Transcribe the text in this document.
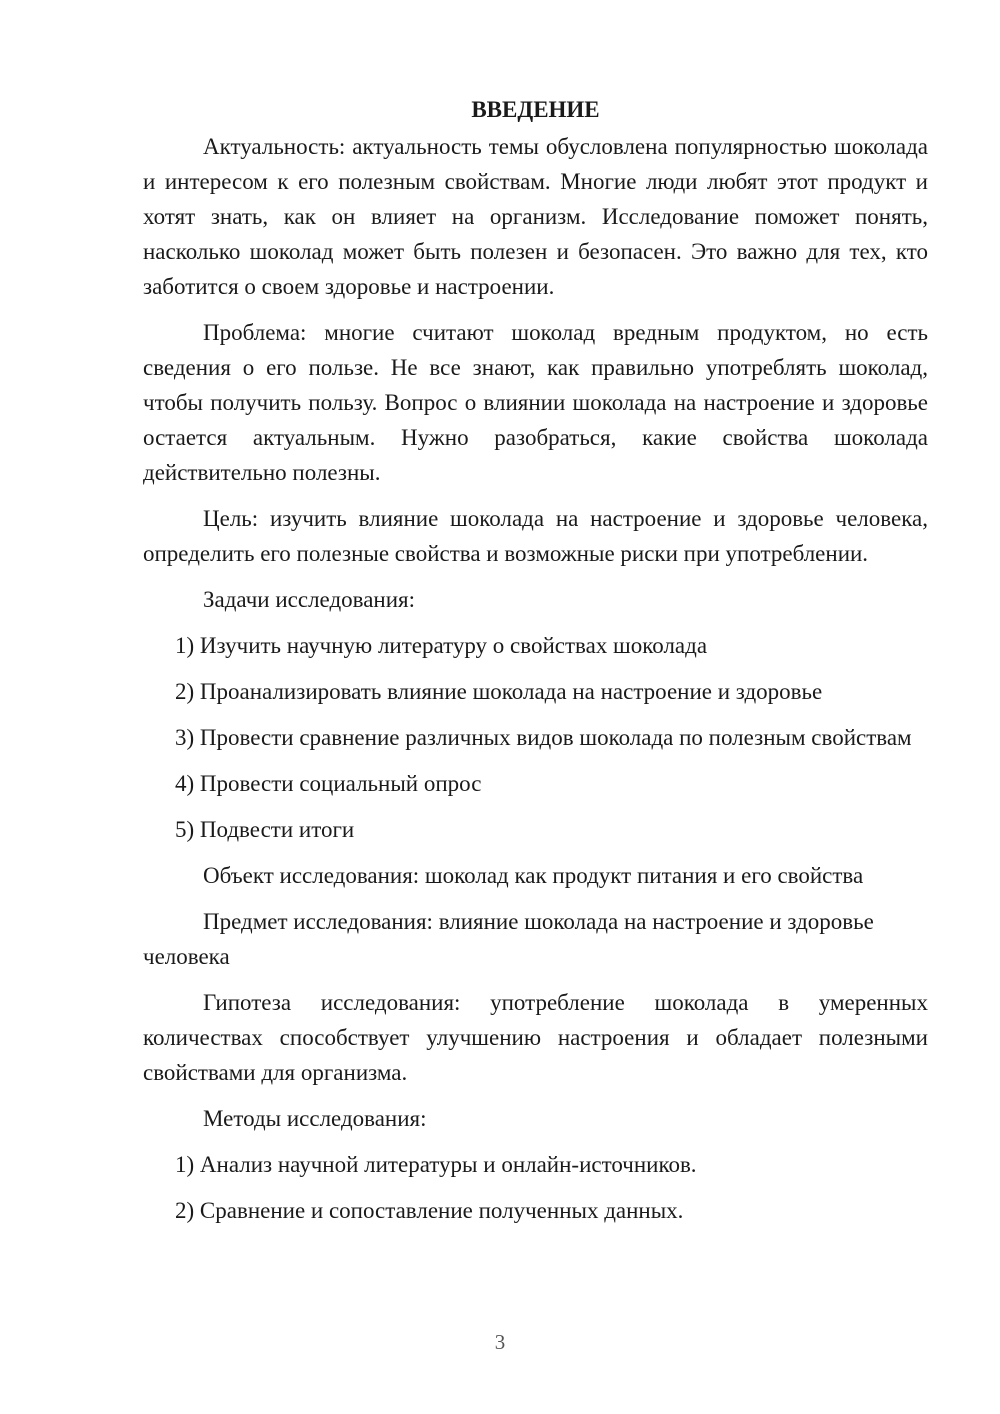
ВВЕДЕНИЕ

Актуальность: актуальность темы обусловлена популярностью шоколада и интересом к его полезным свойствам. Многие люди любят этот продукт и хотят знать, как он влияет на организм. Исследование поможет понять, насколько шоколад может быть полезен и безопасен. Это важно для тех, кто заботится о своем здоровье и настроении.

Проблема: многие считают шоколад вредным продуктом, но есть сведения о его пользе. Не все знают, как правильно употреблять шоколад, чтобы получить пользу. Вопрос о влиянии шоколада на настроение и здоровье остается актуальным. Нужно разобраться, какие свойства шоколада действительно полезны.

Цель: изучить влияние шоколада на настроение и здоровье человека, определить его полезные свойства и возможные риски при употреблении.

Задачи исследования:

1) Изучить научную литературу о свойствах шоколада

2) Проанализировать влияние шоколада на настроение и здоровье

3) Провести сравнение различных видов шоколада по полезным свойствам

4) Провести социальный опрос

5) Подвести итоги

Объект исследования: шоколад как продукт питания и его свойства

Предмет исследования: влияние шоколада на настроение и здоровье человека

Гипотеза исследования: употребление шоколада в умеренных количествах способствует улучшению настроения и обладает полезными свойствами для организма.

Методы исследования:

1) Анализ научной литературы и онлайн-источников.

2) Сравнение и сопоставление полученных данных.

3
